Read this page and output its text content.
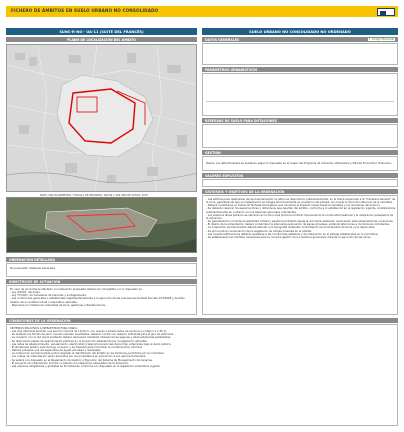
FICHERO DE ÁMBITOS EN SUELO URBANO NO CONSOLIDADO
SUNC-R-NO - UA-11 (SUITE DEL FRANCÉS)
PLANO DE LOCALIZACIÓN DEL ÁMBITO
NOTA: UNA PLANIMETRÍA Y ESCALA DE REGISTRO: DATOS 1:150 AÑO DE VUELO: 2007
ORDENACIÓN DETALLADA
No propuesta. Sistemas Generales
DIRECTRICES DE ACTUACIÓN
En caso de encontrarse afectado, la ordenación propuesta deberá ser compatible con lo dispuesto en:
- Ley 9/2001, del Suelo.
- Ley 37/2007, de Carreteras de Canarias y su Reglamento.
- Las condiciones generales o establecidas reglamentariamente a la ejecución de las previsiones del Real Decreto 223/2008 y del Plan relativo de su entidad actual o dispositivo aplicable.
- Mejorarse en materia de naturaleza de zona, gestiones infraestructuras.
SUELO URBANO NO CONSOLIDADO NO ORDENADO
DATOS GENERALES	1. Código Municipal
PARÁMETROS URBANÍSTICOS
RESERVAS DE SUELO PARA DOTACIONES
GESTIÓN
Plazos: Los determinantes se ajustarán según lo dispuesto en el Anexo del Programa de Actuación Urbanística y Estudio Económico Financiero.
VALORES EXPLÍCITOS
CRITERIOS Y OBJETIVOS DE LA ORDENACIÓN
- Las edificaciones destinadas del aprovechamiento lucrativo se dispondrán, preferentemente, en la franja adyacente a la "Carretera General" de la zona, garantizando que su implantación se integre armónicamente en el entorno del paisaje, sin ocupar la zona de influencia de la carretera.
- Deberá constituirse un frente de fachada homogéneo que minimice el impacto visual desde la carretera y los miradores del entorno.
- Se deberán reservar los espacios libres y dotaciones que resulten del ámbito, conforme a lo establecido en la legislación vigente, localizándolos preferentemente en contacto con los sistemas generales colindantes.
- Los espacios libres públicos se ubicarán en la zona más próxima al litoral, favoreciendo la continuidad peatonal y la integración paisajística de la actuación.
- Se garantizará la correcta accesibilidad rodada y peatonal al ámbito desde la red viaria existente, resolviendo adecuadamente las conexiones.
- El diseño de la urbanización deberá contemplar la adecuada evacuación de aguas pluviales, evitando afecciones a los terrenos colindantes.
- La ordenación pormenorizada deberá atender a la topografía existente, minimizando los movimientos de tierra y los desmontes.
- Se procurará la conservación de la vegetación de interés presente en el ámbito.
- Las nuevas edificaciones deberán ajustarse a las condiciones estéticas y de integración en el paisaje establecidas en la normativa.
- Se establecerán las medidas necesarias para la correcta gestión de los residuos generados durante la ejecución de las obras.
CONDICIONES DE LA ORDENACIÓN
CRITERIOS RELATIVOS A INFRAESTRUCTURA VIARIA:
- Las vías interiores tendrán una sección mínima de 10,00 m, con aceras a ambos lados de anchura no inferior a 1,50 m.
- Se evitarán los fondos de saco; cuando resulten inevitables, deberán contar con espacio suficiente para el giro de vehículos.
- La conexión con la red viaria existente deberá resolverse mediante intersecciones seguras y adecuadamente señalizadas.
- Se dispondrán plazas de aparcamiento públicas en la proporción establecida por la legislación aplicable.
- Las redes de abastecimiento, saneamiento, electricidad y telecomunicaciones discurrirán soterradas bajo el viario público.
- El alumbrado público será de bajo consumo y se diseñará para minimizar la contaminación lumínica.
- Deberá preverse una red separativa de aguas pluviales y residuales.
- La ordenación pormenorizada podrá reajustar la delimitación del ámbito en los términos permitidos por la normativa.
- Los costes de urbanización serán asumidos por los propietarios en proporción a sus aprovechamientos.
- Se estará a lo dispuesto en el Reglamento de Gestión y Ejecución del Sistema de Planeamiento de Canarias.
- El proyecto de urbanización incluirá un estudio de integración paisajística de la actuación.
- Las cesiones obligatorias y gratuitas se formalizarán conforme a lo dispuesto en la legislación urbanística vigente.
